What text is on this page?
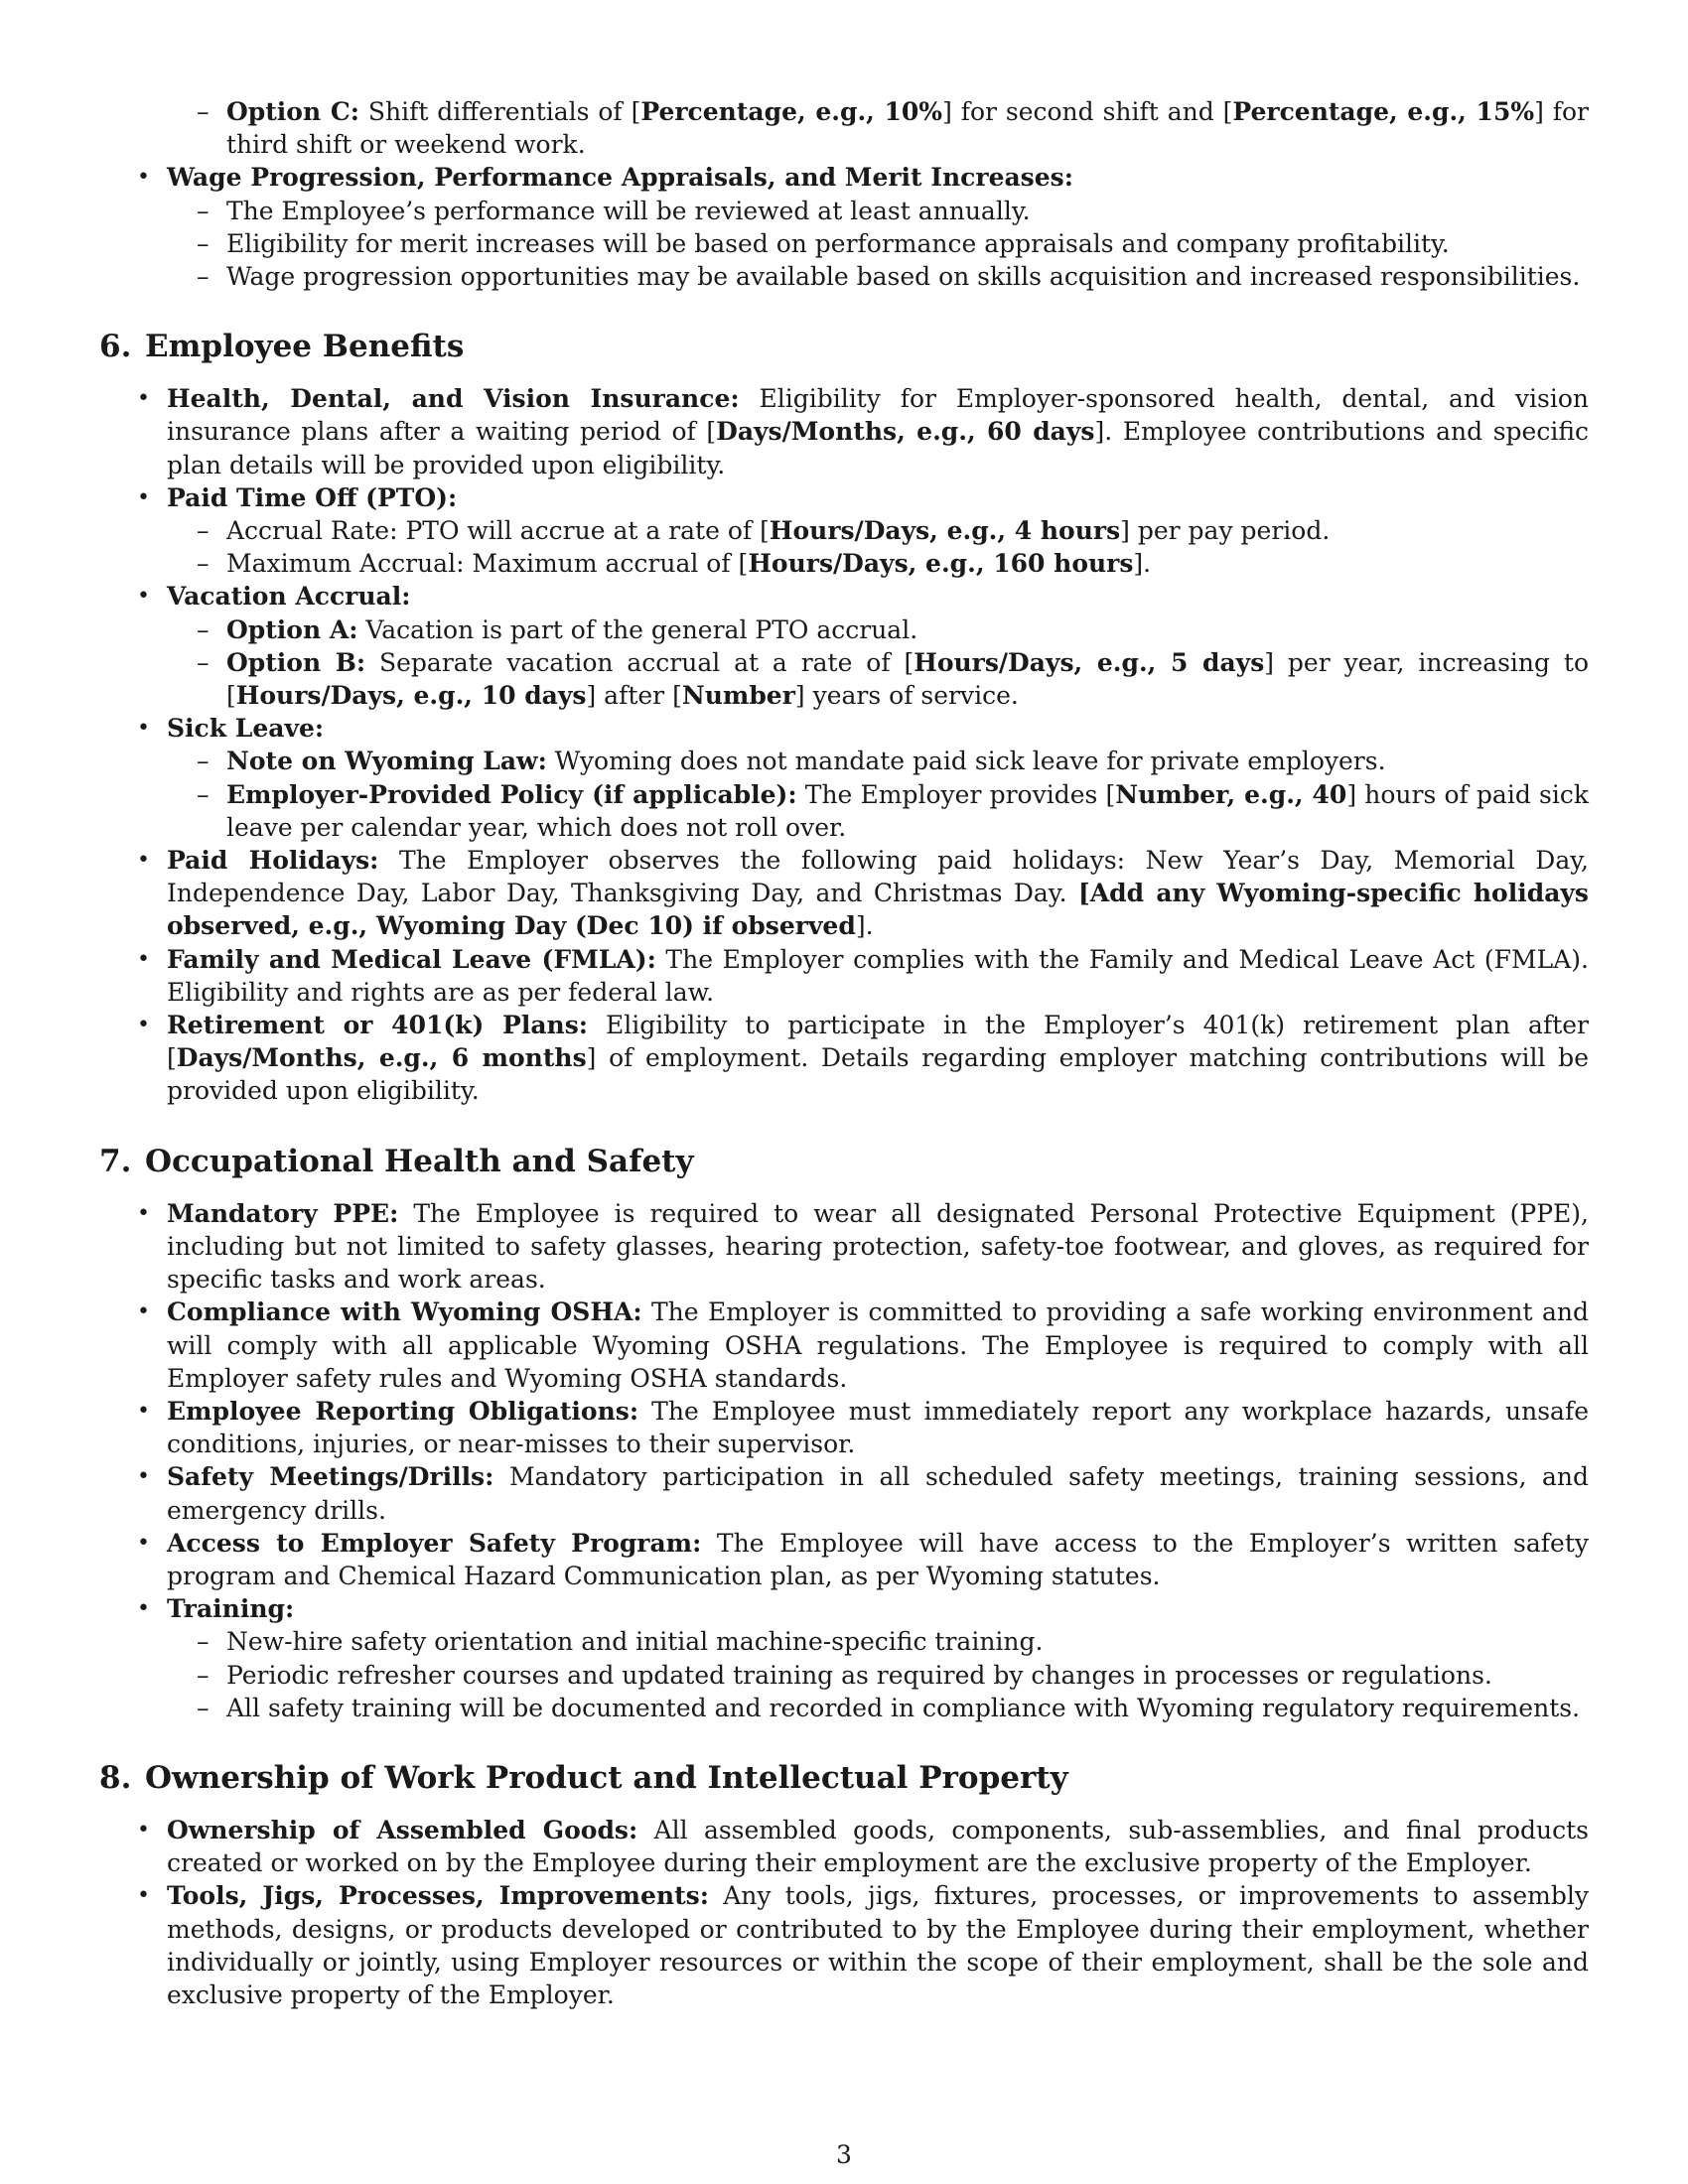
– Option C: Shift differentials of [Percentage, e.g., 10%] for second shift and [Percentage, e.g., 15%] for third shift or weekend work.
• Wage Progression, Performance Appraisals, and Merit Increases:
– The Employee’s performance will be reviewed at least annually.
– Eligibility for merit increases will be based on performance appraisals and company profitability.
– Wage progression opportunities may be available based on skills acquisition and increased responsibilities.
6. Employee Benefits
• Health, Dental, and Vision Insurance: Eligibility for Employer-sponsored health, dental, and vision insurance plans after a waiting period of [Days/Months, e.g., 60 days]. Employee contributions and specific plan details will be provided upon eligibility.
• Paid Time Off (PTO):
– Accrual Rate: PTO will accrue at a rate of [Hours/Days, e.g., 4 hours] per pay period.
– Maximum Accrual: Maximum accrual of [Hours/Days, e.g., 160 hours].
• Vacation Accrual:
– Option A: Vacation is part of the general PTO accrual.
– Option B: Separate vacation accrual at a rate of [Hours/Days, e.g., 5 days] per year, increasing to [Hours/Days, e.g., 10 days] after [Number] years of service.
• Sick Leave:
– Note on Wyoming Law: Wyoming does not mandate paid sick leave for private employers.
– Employer-Provided Policy (if applicable): The Employer provides [Number, e.g., 40] hours of paid sick leave per calendar year, which does not roll over.
• Paid Holidays: The Employer observes the following paid holidays: New Year’s Day, Memorial Day, Independence Day, Labor Day, Thanksgiving Day, and Christmas Day. [Add any Wyoming-specific holidays observed, e.g., Wyoming Day (Dec 10) if observed].
• Family and Medical Leave (FMLA): The Employer complies with the Family and Medical Leave Act (FMLA). Eligibility and rights are as per federal law.
• Retirement or 401(k) Plans: Eligibility to participate in the Employer’s 401(k) retirement plan after [Days/Months, e.g., 6 months] of employment. Details regarding employer matching contributions will be provided upon eligibility.
7. Occupational Health and Safety
• Mandatory PPE: The Employee is required to wear all designated Personal Protective Equipment (PPE), including but not limited to safety glasses, hearing protection, safety-toe footwear, and gloves, as required for specific tasks and work areas.
• Compliance with Wyoming OSHA: The Employer is committed to providing a safe working environment and will comply with all applicable Wyoming OSHA regulations. The Employee is required to comply with all Employer safety rules and Wyoming OSHA standards.
• Employee Reporting Obligations: The Employee must immediately report any workplace hazards, unsafe conditions, injuries, or near-misses to their supervisor.
• Safety Meetings/Drills: Mandatory participation in all scheduled safety meetings, training sessions, and emergency drills.
• Access to Employer Safety Program: The Employee will have access to the Employer’s written safety program and Chemical Hazard Communication plan, as per Wyoming statutes.
• Training:
– New-hire safety orientation and initial machine-specific training.
– Periodic refresher courses and updated training as required by changes in processes or regulations.
– All safety training will be documented and recorded in compliance with Wyoming regulatory requirements.
8. Ownership of Work Product and Intellectual Property
• Ownership of Assembled Goods: All assembled goods, components, sub-assemblies, and final products created or worked on by the Employee during their employment are the exclusive property of the Employer.
• Tools, Jigs, Processes, Improvements: Any tools, jigs, fixtures, processes, or improvements to assembly methods, designs, or products developed or contributed to by the Employee during their employment, whether individually or jointly, using Employer resources or within the scope of their employment, shall be the sole and exclusive property of the Employer.
3
